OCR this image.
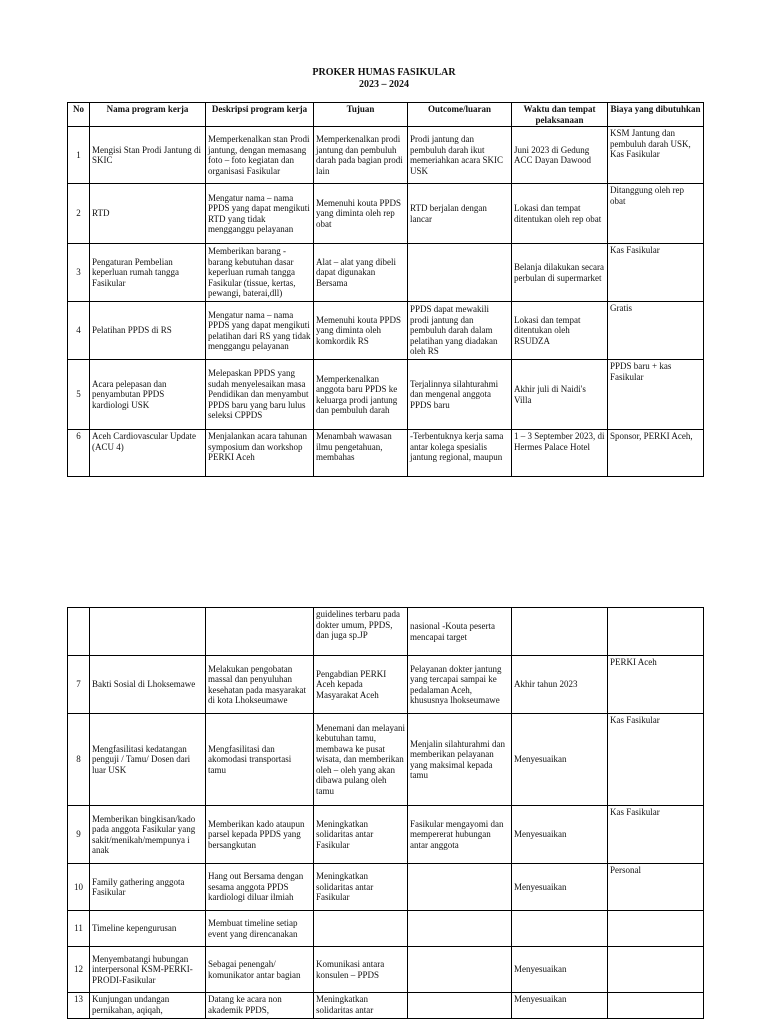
PROKER HUMAS FASIKULAR
2023 – 2024
No	Nama program kerja	Deskripsi program kerja	Tujuan	Outcome/luaran	Waktu dan tempat pelaksanaan	Biaya yang dibutuhkan
1	Mengisi Stan Prodi Jantung di SKIC	Memperkenalkan stan Prodi jantung, dengan memasang foto – foto kegiatan dan organisasi Fasikular	Memperkenalkan prodi jantung dan pembuluh darah pada bagian prodi lain	Prodi jantung dan pembuluh darah ikut memeriahkan acara SKIC USK	Juni 2023 di Gedung ACC Dayan Dawood	KSM Jantung dan pembuluh darah USK, Kas Fasikular
2	RTD	Mengatur nama – nama PPDS yang dapat mengikuti RTD yang tidak mengganggu pelayanan	Memenuhi kouta PPDS yang diminta oleh rep obat	RTD berjalan dengan lancar	Lokasi dan tempat ditentukan oleh rep obat	Ditanggung oleh rep obat
3	Pengaturan Pembelian keperluan rumah tangga Fasikular	Memberikan barang - barang kebutuhan dasar keperluan rumah tangga Fasikular (tissue, kertas, pewangi, baterai,dll)	Alat – alat yang dibeli dapat digunakan Bersama		Belanja dilakukan secara perbulan di supermarket	Kas Fasikular
4	Pelatihan PPDS di RS	Mengatur nama – nama PPDS yang dapat mengikuti pelatihan dari RS yang tidak menggangu pelayanan	Memenuhi kouta PPDS yang diminta oleh komkordik RS	PPDS dapat mewakili prodi jantung dan pembuluh darah dalam pelatihan yang diadakan oleh RS	Lokasi dan tempat ditentukan oleh RSUDZA	Gratis
5	Acara pelepasan dan penyambutan PPDS kardiologi USK	Melepaskan PPDS yang sudah menyelesaikan masa Pendidikan dan menyambut PPDS baru yang baru lulus seleksi CPPDS	Memperkenalkan anggota baru PPDS ke keluarga prodi jantung dan pembuluh darah	Terjalinnya silahturahmi dan mengenal anggota PPDS baru	Akhir juli di Naidi's Villa	PPDS baru + kas Fasikular
6	Aceh Cardiovascular Update (ACU 4)	Menjalankan acara tahunan symposium dan workshop PERKI Aceh	Menambah wawasan ilmu pengetahuan, membahas	-Terbentuknya kerja sama antar kolega spesialis jantung regional, maupun	1 – 3 September 2023, di Hermes Palace Hotel	Sponsor, PERKI Aceh,
			guidelines terbaru pada dokter umum, PPDS, dan juga sp.JP	nasional -Kouta peserta mencapai target		
7	Bakti Sosial di Lhoksemawe	Melakukan pengobatan massal dan penyuluhan kesehatan pada masyarakat di kota Lhokseumawe	Pengabdian PERKI Aceh kepada Masyarakat Aceh	Pelayanan dokter jantung yang tercapai sampai ke pedalaman Aceh, khususnya lhokseumawe	Akhir tahun 2023	PERKI Aceh
8	Mengfasilitasi kedatangan penguji / Tamu/ Dosen dari luar USK	Mengfasilitasi dan akomodasi transportasi tamu	Menemani dan melayani kebutuhan tamu, membawa ke pusat wisata, dan memberikan oleh – oleh yang akan dibawa pulang oleh tamu	Menjalin silahturahmi dan memberikan pelayanan yang maksimal kepada tamu	Menyesuaikan	Kas Fasikular
9	Memberikan bingkisan/kado pada anggota Fasikular yang sakit/menikah/mempunya i anak	Memberikan kado ataupun parsel kepada PPDS yang bersangkutan	Meningkatkan solidaritas antar Fasikular	Fasikular mengayomi dan mempererat hubungan antar anggota	Menyesuaikan	Kas Fasikular
10	Family gathering anggota Fasikular	Hang out Bersama dengan sesama anggota PPDS kardiologi diluar ilmiah	Meningkatkan solidaritas antar Fasikular		Menyesuaikan	Personal
11	Timeline kepengurusan	Membuat timeline setiap event yang direncanakan				
12	Menyembatangi hubungan interpersonal KSM-PERKI-PRODI-Fasikular	Sebagai penengah/ komunikator antar bagian	Komunikasi antara konsulen – PPDS		Menyesuaikan	
13	Kunjungan undangan pernikahan, aqiqah,	Datang ke acara non akademik PPDS,	Meningkatkan solidaritas antar		Menyesuaikan	
